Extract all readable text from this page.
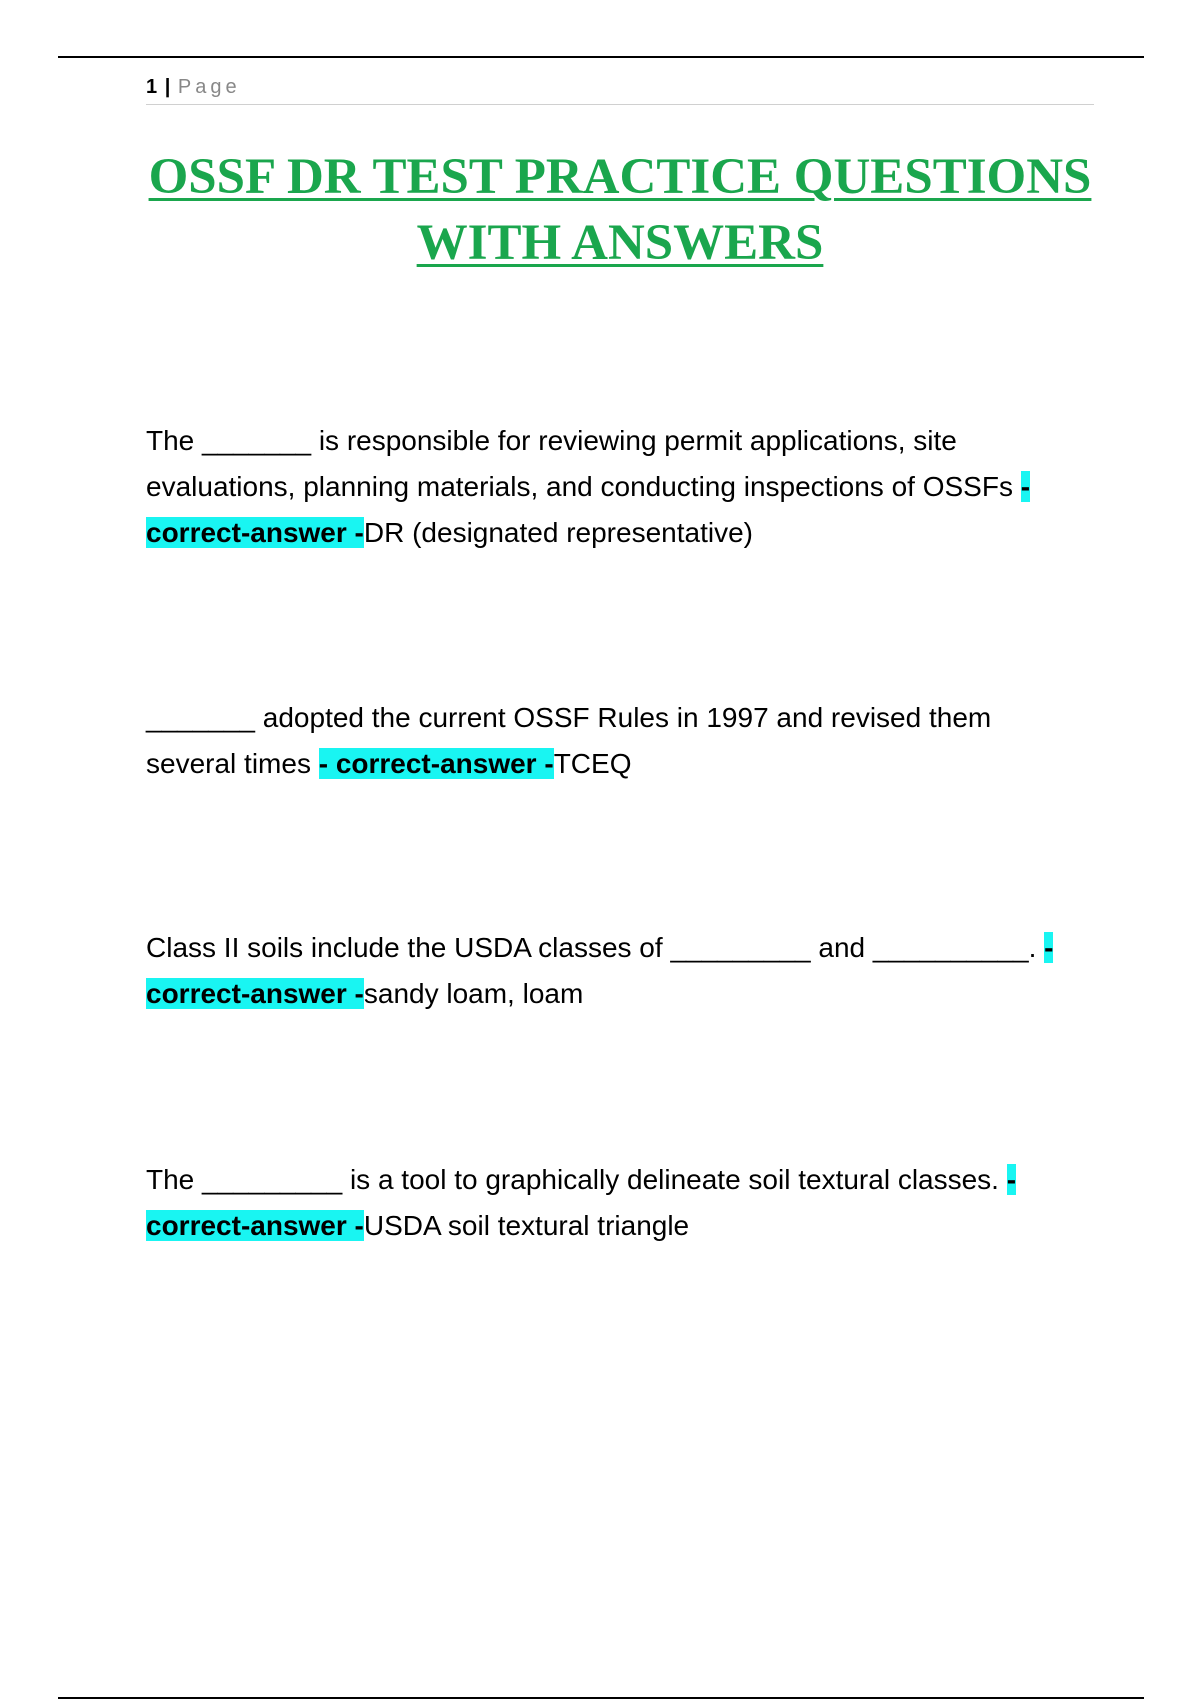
1 | Page
OSSF DR TEST PRACTICE QUESTIONS
WITH ANSWERS

The _______ is responsible for reviewing permit applications, site evaluations, planning materials, and conducting inspections of OSSFs - correct-answer -DR (designated representative)

_______ adopted the current OSSF Rules in 1997 and revised them several times - correct-answer -TCEQ

Class II soils include the USDA classes of _________ and __________. - correct-answer -sandy loam, loam

The _________ is a tool to graphically delineate soil textural classes. - correct-answer -USDA soil textural triangle
